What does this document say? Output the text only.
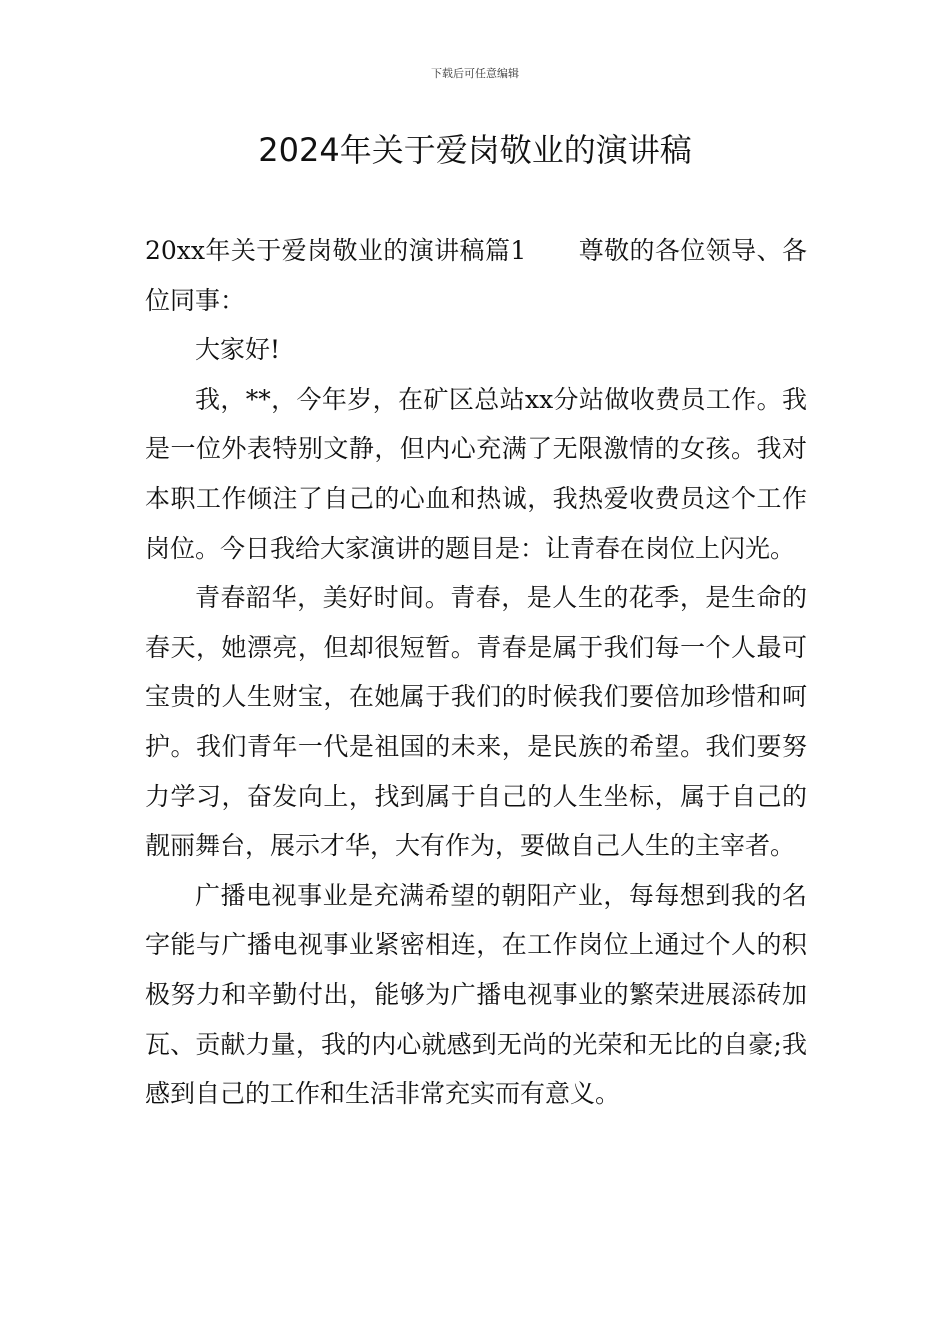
下载后可任意编辑
2024年关于爱岗敬业的演讲稿

20xx年关于爱岗敬业的演讲稿篇1 尊敬的各位领导、各位同事：

大家好!

我，**，今年岁，在矿区总站xx分站做收费员工作。我是一位外表特别文静，但内心充满了无限激情的女孩。我对本职工作倾注了自己的心血和热诚，我热爱收费员这个工作岗位。今日我给大家演讲的题目是：让青春在岗位上闪光。

青春韶华，美好时间。青春，是人生的花季，是生命的春天，她漂亮，但却很短暂。青春是属于我们每一个人最可宝贵的人生财宝，在她属于我们的时候我们要倍加珍惜和呵护。我们青年一代是祖国的未来，是民族的希望。我们要努力学习，奋发向上，找到属于自己的人生坐标，属于自己的靓丽舞台，展示才华，大有作为，要做自己人生的主宰者。

广播电视事业是充满希望的朝阳产业，每每想到我的名字能与广播电视事业紧密相连，在工作岗位上通过个人的积极努力和辛勤付出，能够为广播电视事业的繁荣进展添砖加瓦、贡献力量，我的内心就感到无尚的光荣和无比的自豪;我感到自己的工作和生活非常充实而有意义。
